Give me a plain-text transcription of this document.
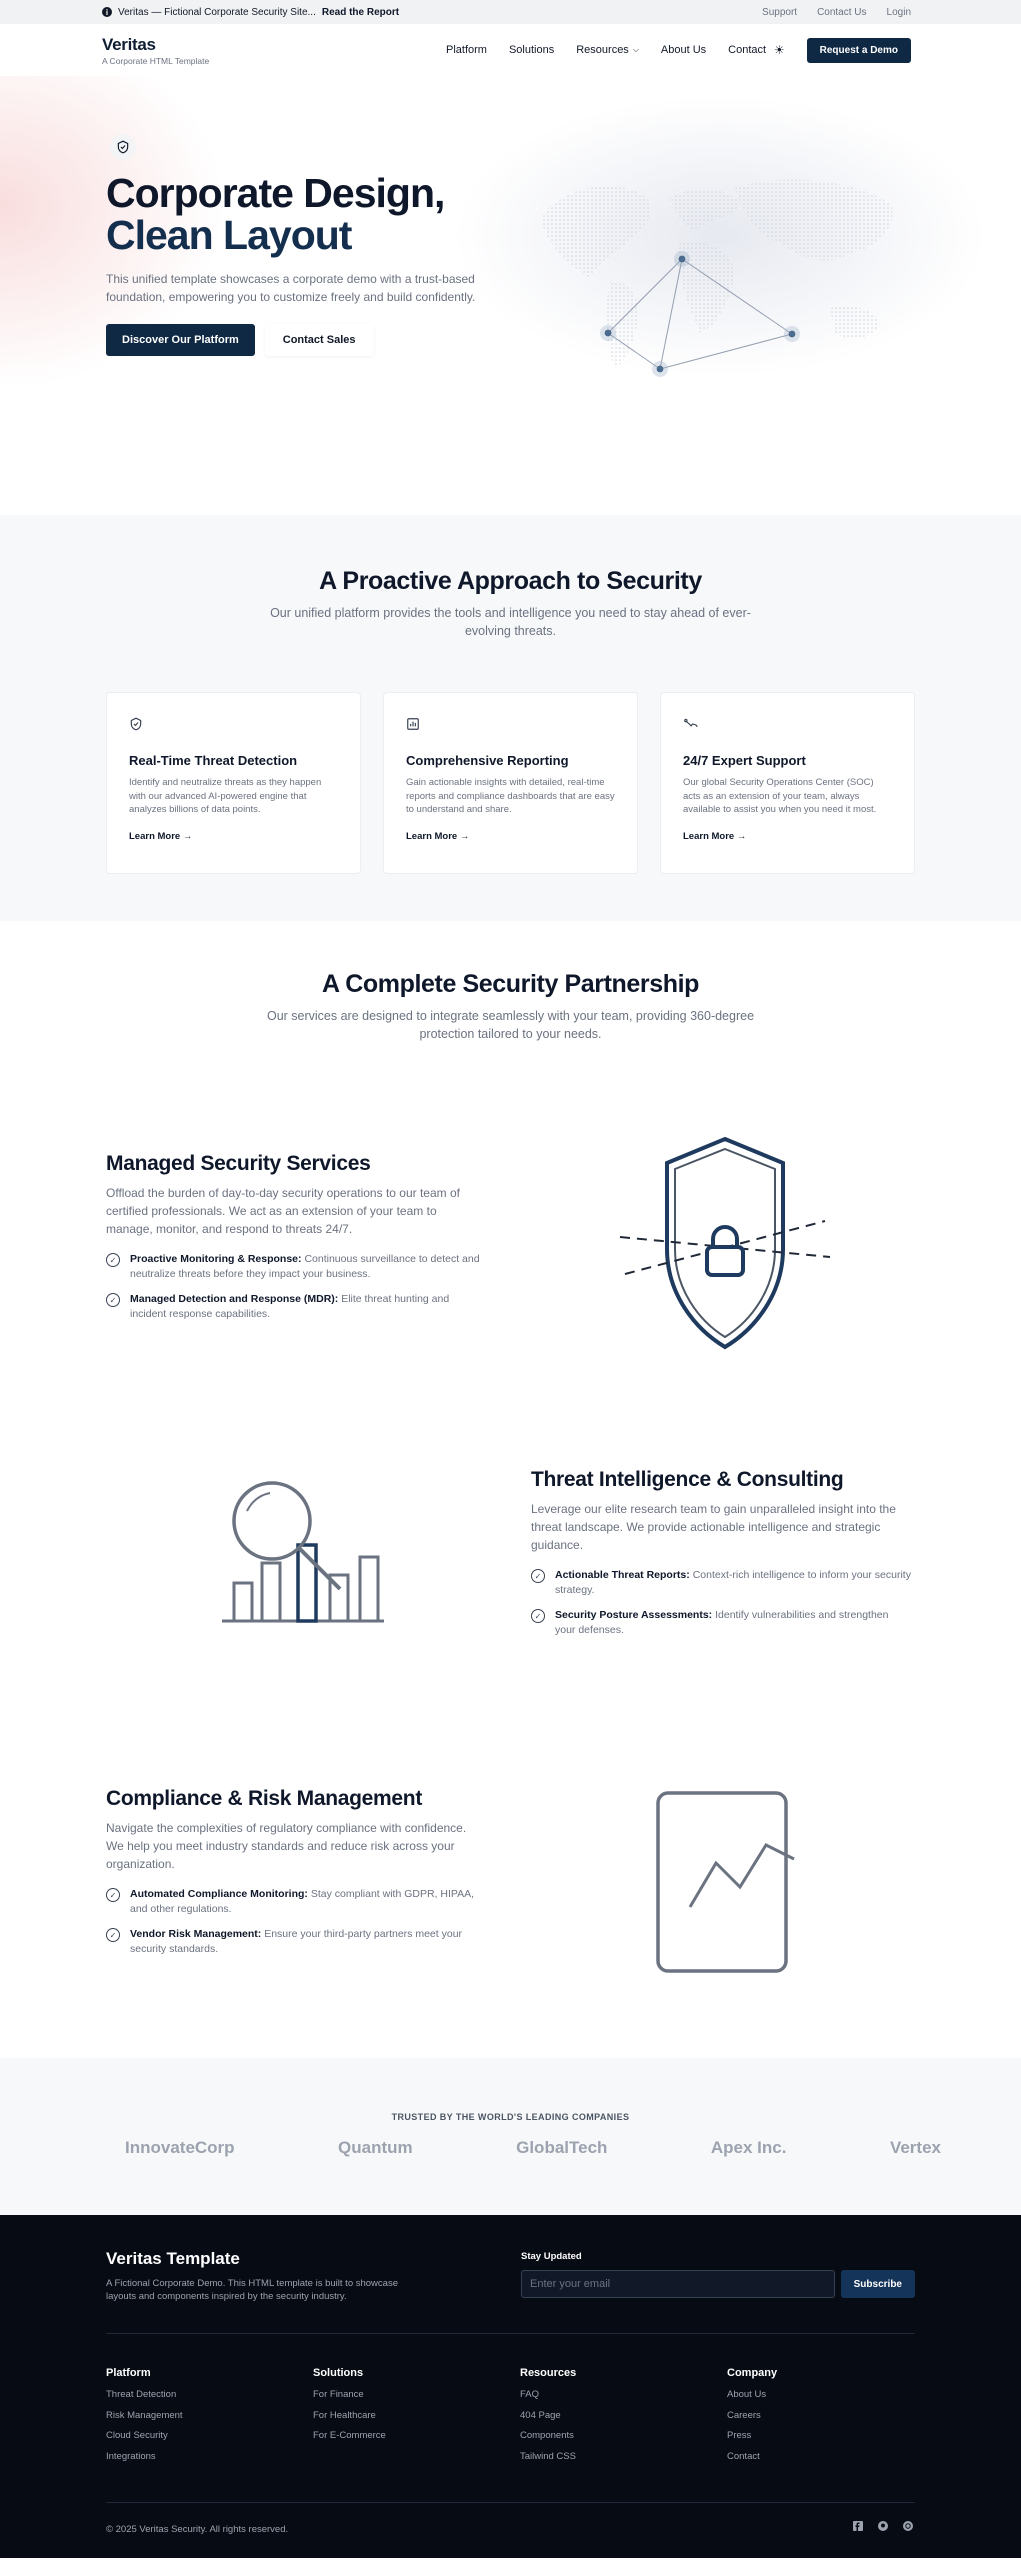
i Veritas — Fictional Corporate Security Site... Read the Report	Support Contact Us Login
Veritas
A Corporate HTML Template
Platform Solutions Resources ⌵ About Us Contact ☀	Request a Demo
Corporate Design,
Clean Layout

This unified template showcases a corporate demo with a trust-based foundation, empowering you to customize freely and build confidently.

Discover Our Platform	Contact Sales
A Proactive Approach to Security

Our unified platform provides the tools and intelligence you need to stay ahead of ever-evolving threats.

Real-Time Threat Detection

Identify and neutralize threats as they happen with our advanced AI-powered engine that analyzes billions of data points.

Learn More →
Comprehensive Reporting

Gain actionable insights with detailed, real-time reports and compliance dashboards that are easy to understand and share.

Learn More →
24/7 Expert Support

Our global Security Operations Center (SOC) acts as an extension of your team, always available to assist you when you need it most.

Learn More →
A Complete Security Partnership

Our services are designed to integrate seamlessly with your team, providing 360-degree protection tailored to your needs.

Managed Security Services

Offload the burden of day-to-day security operations to our team of certified professionals. We act as an extension of your team to manage, monitor, and respond to threats 24/7.

✓	Proactive Monitoring & Response: Continuous surveillance to detect and neutralize threats before they impact your business.
✓	Managed Detection and Response (MDR): Elite threat hunting and incident response capabilities.
Threat Intelligence & Consulting

Leverage our elite research team to gain unparalleled insight into the threat landscape. We provide actionable intelligence and strategic guidance.

✓	Actionable Threat Reports: Context-rich intelligence to inform your security strategy.
✓	Security Posture Assessments: Identify vulnerabilities and strengthen your defenses.
Compliance & Risk Management

Navigate the complexities of regulatory compliance with confidence. We help you meet industry standards and reduce risk across your organization.

✓	Automated Compliance Monitoring: Stay compliant with GDPR, HIPAA, and other regulations.
✓	Vendor Risk Management: Ensure your third-party partners meet your security standards.
TRUSTED BY THE WORLD'S LEADING COMPANIES
InnovateCorp	Quantum	GlobalTech	Apex Inc.	Vertex
Veritas Template

A Fictional Corporate Demo. This HTML template is built to showcase layouts and components inspired by the security industry.

Stay Updated
Enter your email
Subscribe
Platform
Threat Detection
Risk Management
Cloud Security
Integrations
Solutions
For Finance
For Healthcare
For E-Commerce
Resources
FAQ
404 Page
Components
Tailwind CSS
Company
About Us
Careers
Press
Contact
© 2025 Veritas Security. All rights reserved.
